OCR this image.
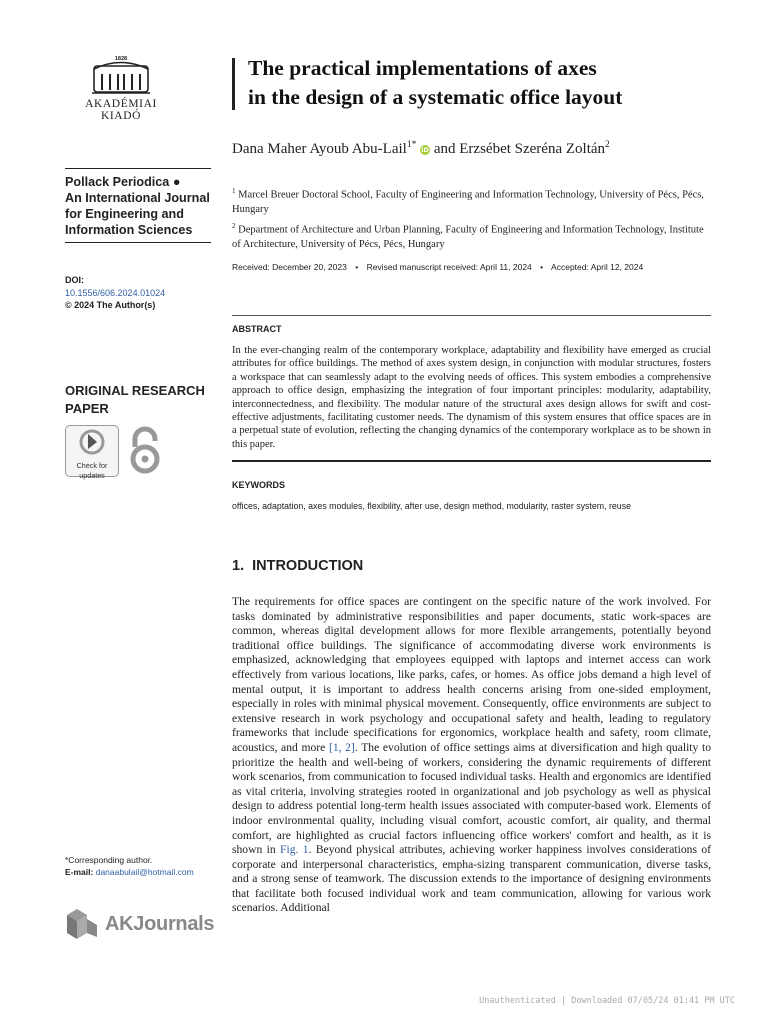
1828
AKADÉMIAI KIADÓ
Pollack Periodica ●
An International Journal
for Engineering and
Information Sciences
DOI:
10.1556/606.2024.01024
© 2024 The Author(s)
ORIGINAL RESEARCH
PAPER
Check for
updates
*Corresponding author.
E-mail: danaabulail@hotmail.com
AKJournals
The practical implementations of axes
in the design of a systematic office layout
Dana Maher Ayoub Abu-Lail$^{1*}$ iD and Erzsébet Szeréna Zoltán$^2$
$^1$ Marcel Breuer Doctoral School, Faculty of Engineering and Information Technology, University of Pécs, Pécs, Hungary
$^2$ Department of Architecture and Urban Planning, Faculty of Engineering and Information Technology, Institute of Architecture, University of Pécs, Pécs, Hungary
Received: December 20, 2023 • Revised manuscript received: April 11, 2024 • Accepted: April 12, 2024
ABSTRACT
In the ever-changing realm of the contemporary workplace, adaptability and flexibility have emerged as crucial attributes for office buildings. The method of axes system design, in conjunction with modular structures, fosters a workspace that can seamlessly adapt to the evolving needs of offices. This system embodies a comprehensive approach to office design, emphasizing the integration of four important principles: modularity, adaptability, interconnectedness, and flexibility. The modular nature of the structural axes design allows for swift and cost-effective adjustments, facilitating customer needs. The dynamism of this system ensures that office spaces are in a perpetual state of evolution, reflecting the changing dynamics of the contemporary workplace as to be shown in this paper.
KEYWORDS
offices, adaptation, axes modules, flexibility, after use, design method, modularity, raster system, reuse
1. INTRODUCTION
The requirements for office spaces are contingent on the specific nature of the work involved. For tasks dominated by administrative responsibilities and paper documents, static work-spaces are common, whereas digital development allows for more flexible arrangements, potentially beyond traditional office buildings. The significance of accommodating diverse work environments is emphasized, acknowledging that employees equipped with laptops and internet access can work effectively from various locations, like parks, cafes, or homes. As office jobs demand a high level of mental output, it is important to address health concerns arising from one-sided employment, especially in roles with minimal physical movement. Consequently, office environments are subject to extensive research in work psychology and occupational safety and health, leading to regulatory frameworks that include specifications for ergonomics, workplace health and safety, room climate, acoustics, and more [1, 2]. The evolution of office settings aims at diversification and high quality to prioritize the health and well-being of workers, considering the dynamic requirements of different work scenarios, from communication to focused individual tasks. Health and ergonomics are identified as vital criteria, involving strategies rooted in organizational and job psychology as well as physical design to address potential long-term health issues associated with computer-based work. Elements of indoor environmental quality, including visual comfort, acoustic comfort, air quality, and thermal comfort, are highlighted as crucial factors influencing office workers' comfort and health, as it is shown in Fig. 1. Beyond physical attributes, achieving worker happiness involves considerations of corporate and interpersonal characteristics, empha-sizing transparent communication, diverse tasks, and a strong sense of teamwork. The discussion extends to the importance of designing environments that facilitate both focused individual work and team communication, allowing for various work scenarios. Additional
Unauthenticated | Downloaded 07/05/24 01:41 PM UTC
